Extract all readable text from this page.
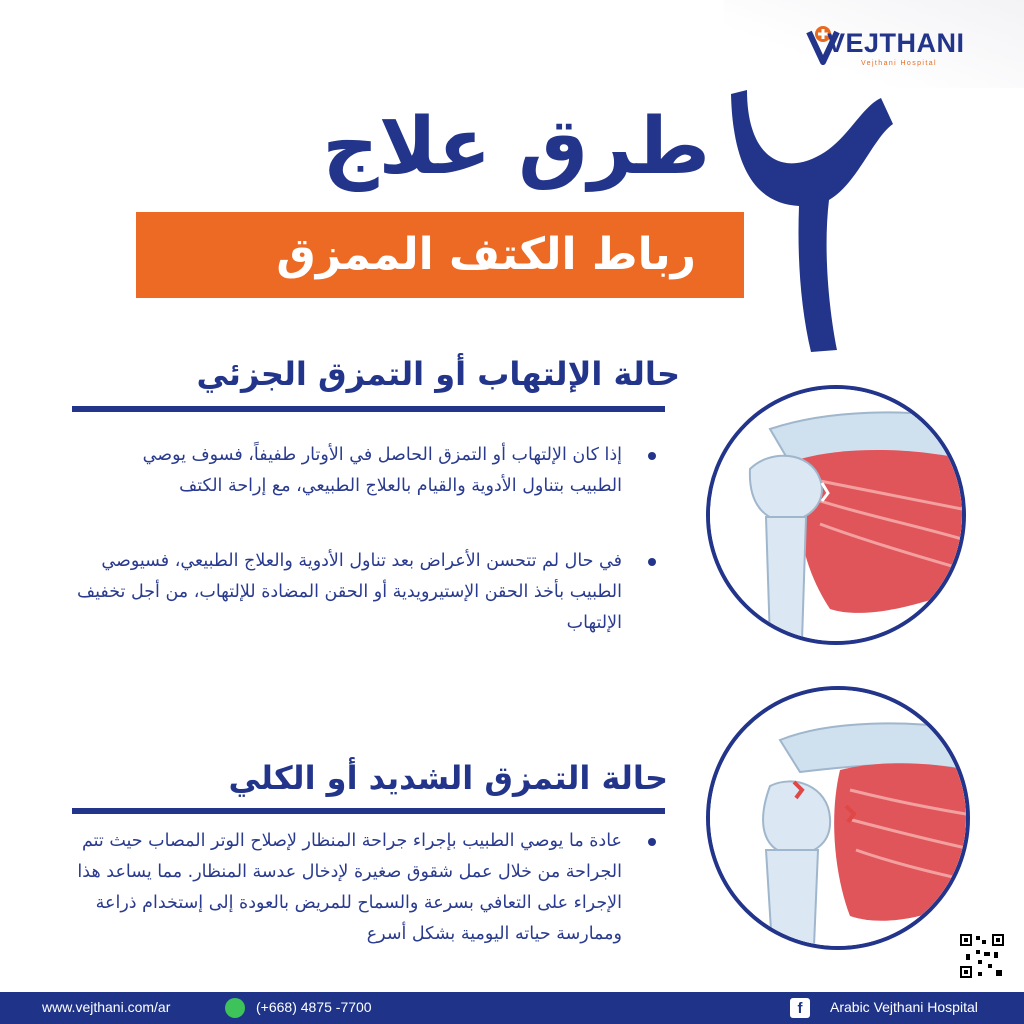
VEJTHANI
Vejthani Hospital
طرق علاج
رباط الكتف الممزق
حالة الإلتهاب أو التمزق الجزئي
إذا كان الإلتهاب أو التمزق الحاصل في الأوتار طفيفاً، فسوف يوصي الطبيب بتناول الأدوية والقيام بالعلاج الطبيعي، مع إراحة الكتف
في حال لم تتحسن الأعراض بعد تناول الأدوية والعلاج الطبيعي، فسيوصي الطبيب بأخذ الحقن الإستيرويدية أو الحقن المضادة للإلتهاب، من أجل تخفيف الإلتهاب
حالة التمزق الشديد أو الكلي
عادة ما يوصي الطبيب بإجراء جراحة المنظار لإصلاح الوتر المصاب حيث تتم الجراحة من خلال عمل شقوق صغيرة لإدخال عدسة المنظار. مما يساعد هذا الإجراء على التعافي بسرعة والسماح للمريض بالعودة إلى إستخدام ذراعة وممارسة حياته اليومية بشكل أسرع
www.vejthani.com/ar	(+668) 4875 -7700	f	Arabic Vejthani Hospital
